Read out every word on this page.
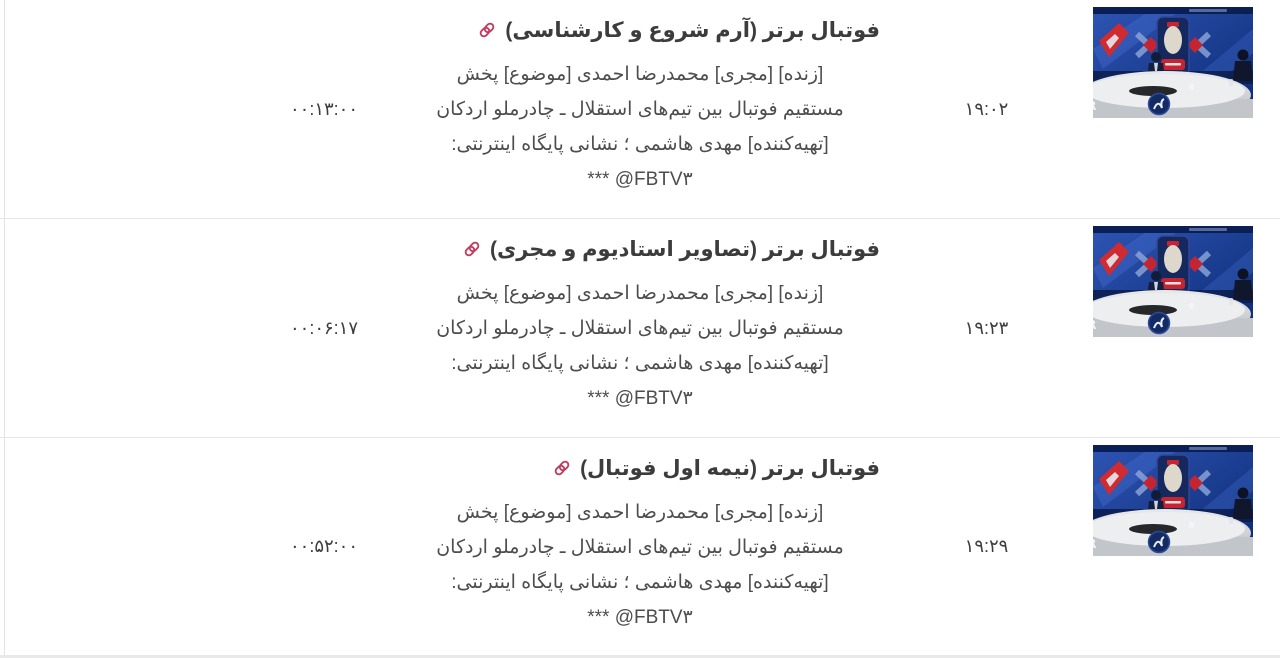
۱۹:۰۲
فوتبال برتر (آرم شروع و کارشناسی)
[زنده] [مجری] محمدرضا احمدی [موضوع] پخش
مستقیم فوتبال بین تیم‌های استقلال ـ چادرملو اردکان
[تهیه‌کننده] مهدی هاشمی ؛ نشانی پایگاه اینترنتی:
*** @FBTV۳
۰۰:۱۳:۰۰
۱۹:۲۳
فوتبال برتر (تصاویر استادیوم و مجری)
[زنده] [مجری] محمدرضا احمدی [موضوع] پخش
مستقیم فوتبال بین تیم‌های استقلال ـ چادرملو اردکان
[تهیه‌کننده] مهدی هاشمی ؛ نشانی پایگاه اینترنتی:
*** @FBTV۳
۰۰:۰۶:۱۷
۱۹:۲۹
فوتبال برتر (نیمه اول فوتبال)
[زنده] [مجری] محمدرضا احمدی [موضوع] پخش
مستقیم فوتبال بین تیم‌های استقلال ـ چادرملو اردکان
[تهیه‌کننده] مهدی هاشمی ؛ نشانی پایگاه اینترنتی:
*** @FBTV۳
۰۰:۵۲:۰۰
